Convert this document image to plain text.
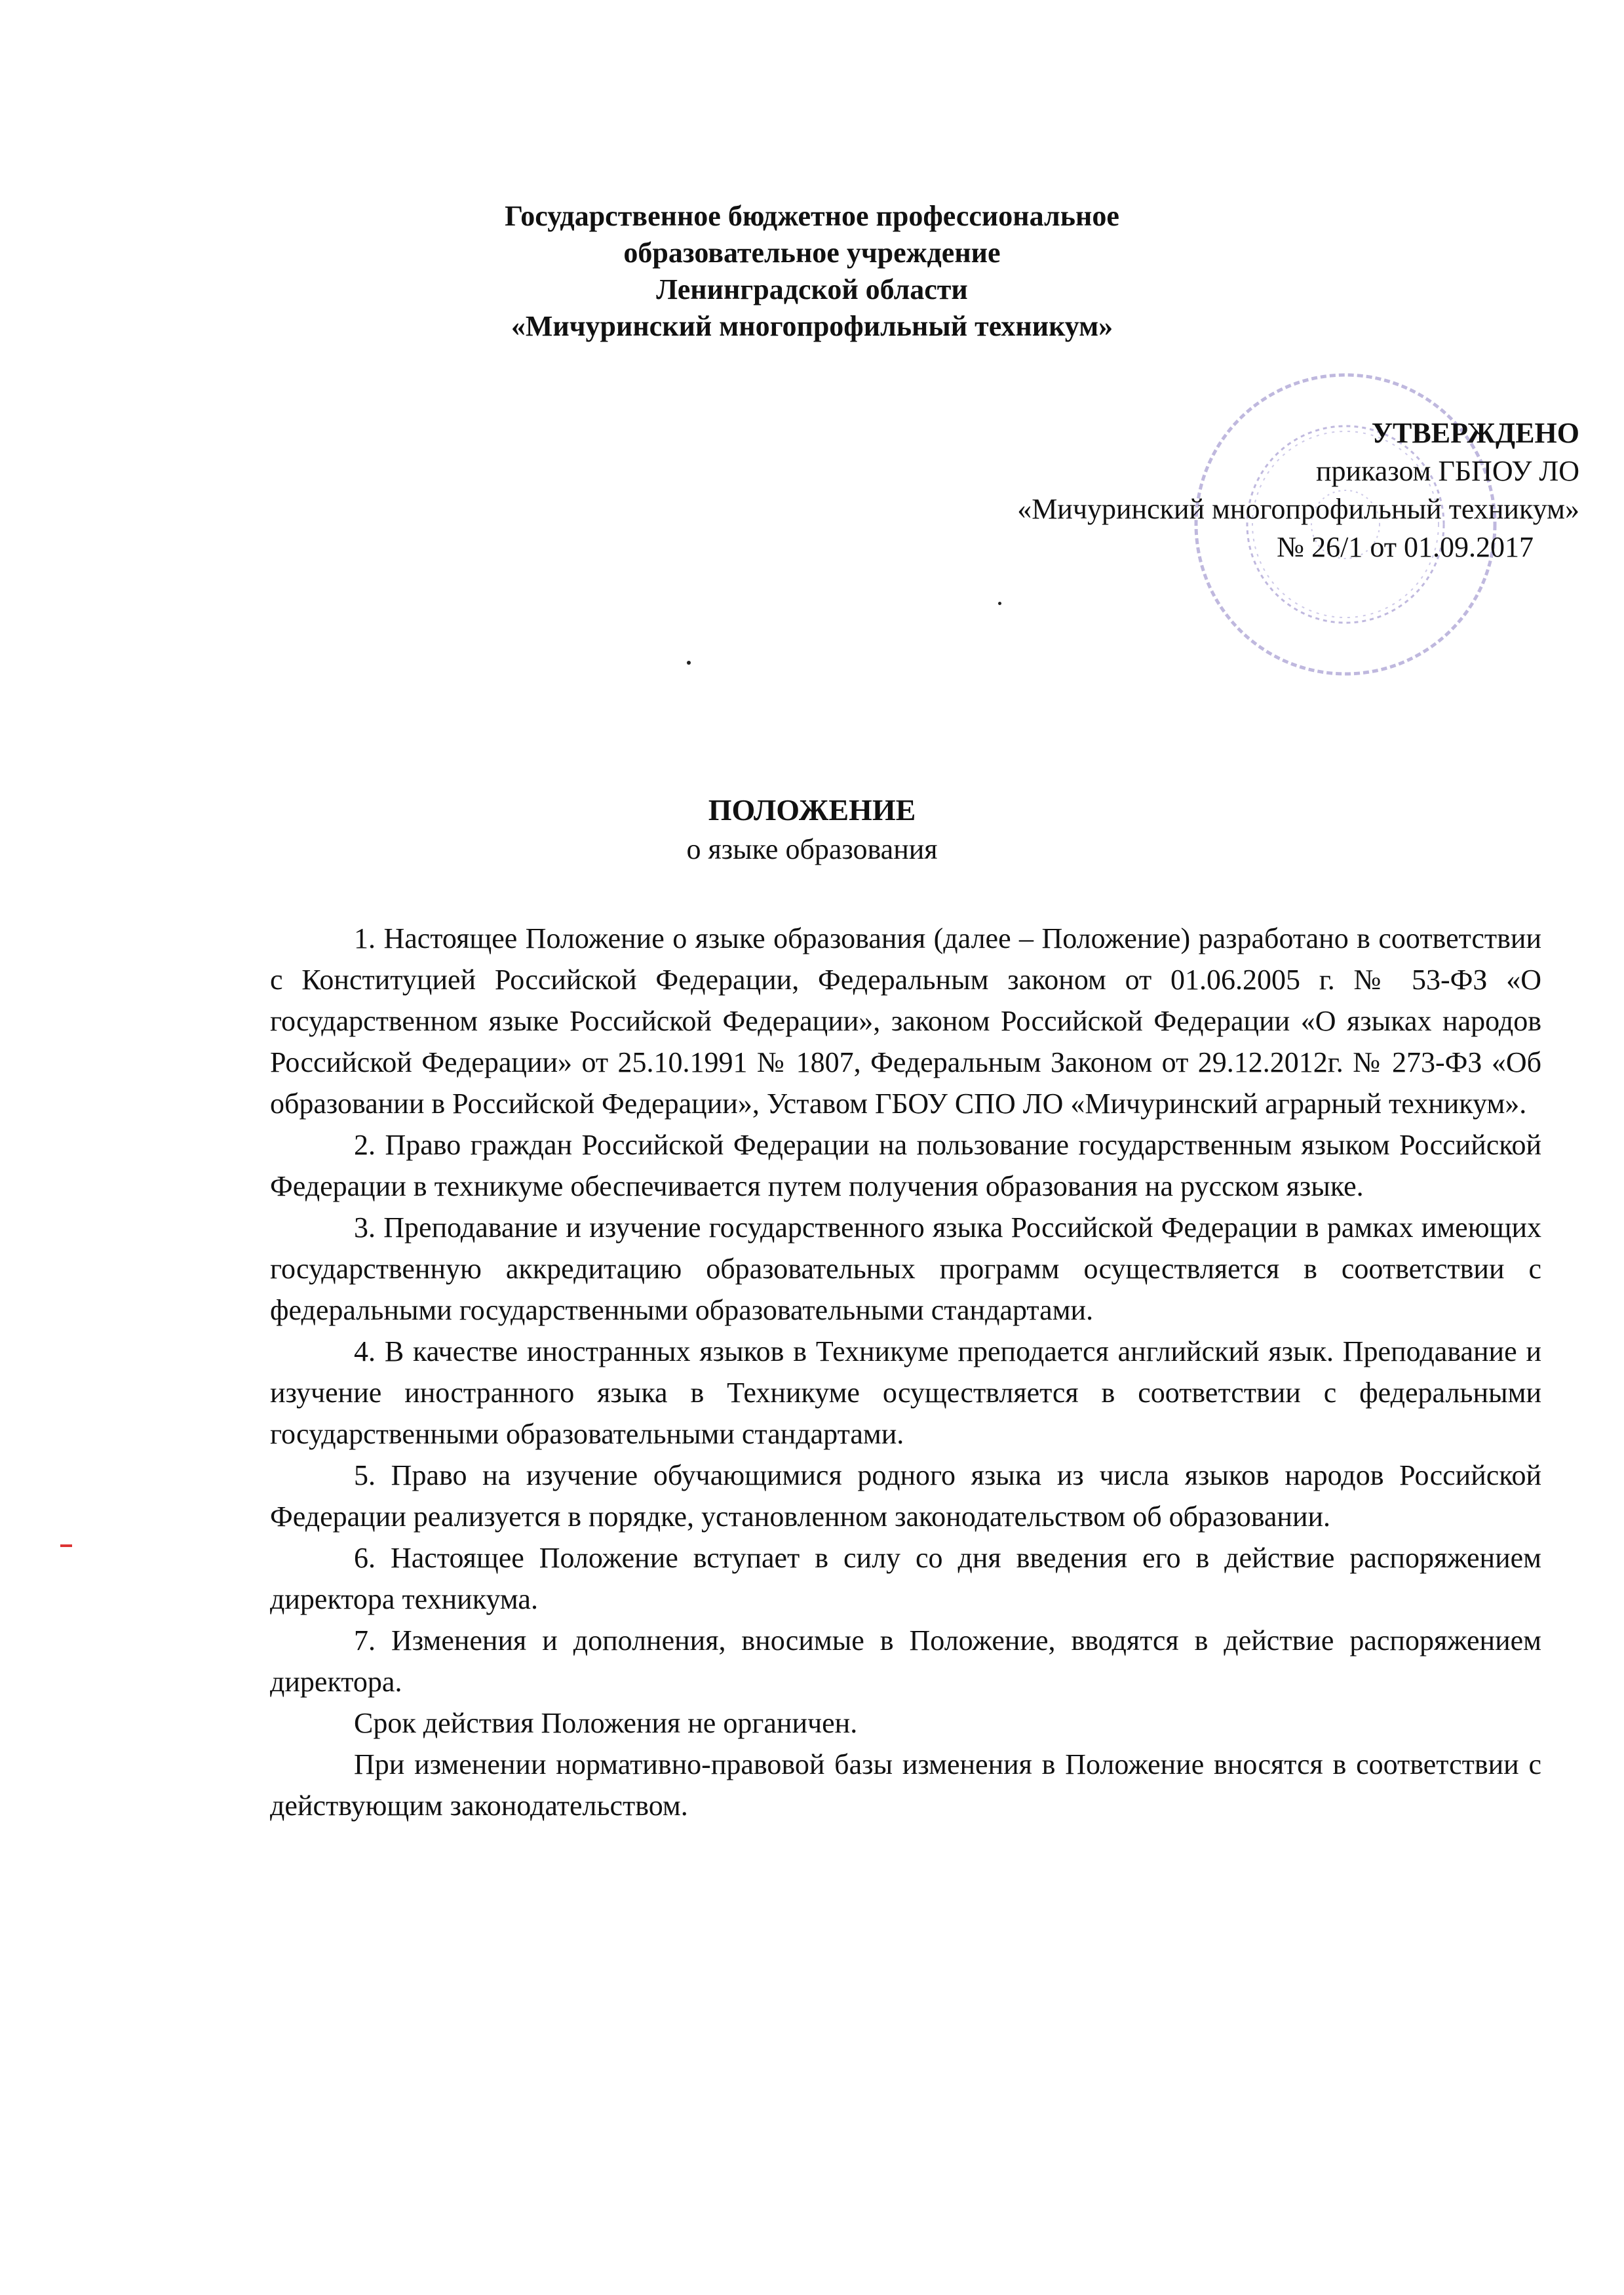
Государственное бюджетное профессиональное
образовательное учреждение
Ленинградской области
«Мичуринский многопрофильный техникум»
УТВЕРЖДЕНО
приказом ГБПОУ ЛО
«Мичуринский многопрофильный техникум»
№ 26/1 от 01.09.2017
ПОЛОЖЕНИЕ
о языке образования

1. Настоящее Положение о языке образования (далее – Положение) разработано в соответствии с Конституцией Российской Федерации, Федеральным законом от 01.06.2005 г. № 53-ФЗ «О государственном языке Российской Федерации», законом Российской Федерации «О языках народов Российской Федерации» от 25.10.1991 № 1807, Федеральным Законом от 29.12.2012г. № 273-ФЗ «Об образовании в Российской Федерации», Уставом ГБОУ СПО ЛО «Мичуринский аграрный техникум».

2. Право граждан Российской Федерации на пользование государственным языком Российской Федерации в техникуме обеспечивается путем получения образования на русском языке.

3. Преподавание и изучение государственного языка Российской Федерации в рамках имеющих государственную аккредитацию образовательных программ осуществляется в соответствии с федеральными государственными образовательными стандартами.

4. В качестве иностранных языков в Техникуме преподается английский язык. Преподавание и изучение иностранного языка в Техникуме осуществляется в соответствии с федеральными государственными образовательными стандартами.

5. Право на изучение обучающимися родного языка из числа языков народов Российской Федерации реализуется в порядке, установленном законодательством об образовании.

6. Настоящее Положение вступает в силу со дня введения его в действие распоряжением директора техникума.

7. Изменения и дополнения, вносимые в Положение, вводятся в действие распоряжением директора.

Срок действия Положения не органичен.

При изменении нормативно-правовой базы изменения в Положение вносятся в соответствии с действующим законодательством.
